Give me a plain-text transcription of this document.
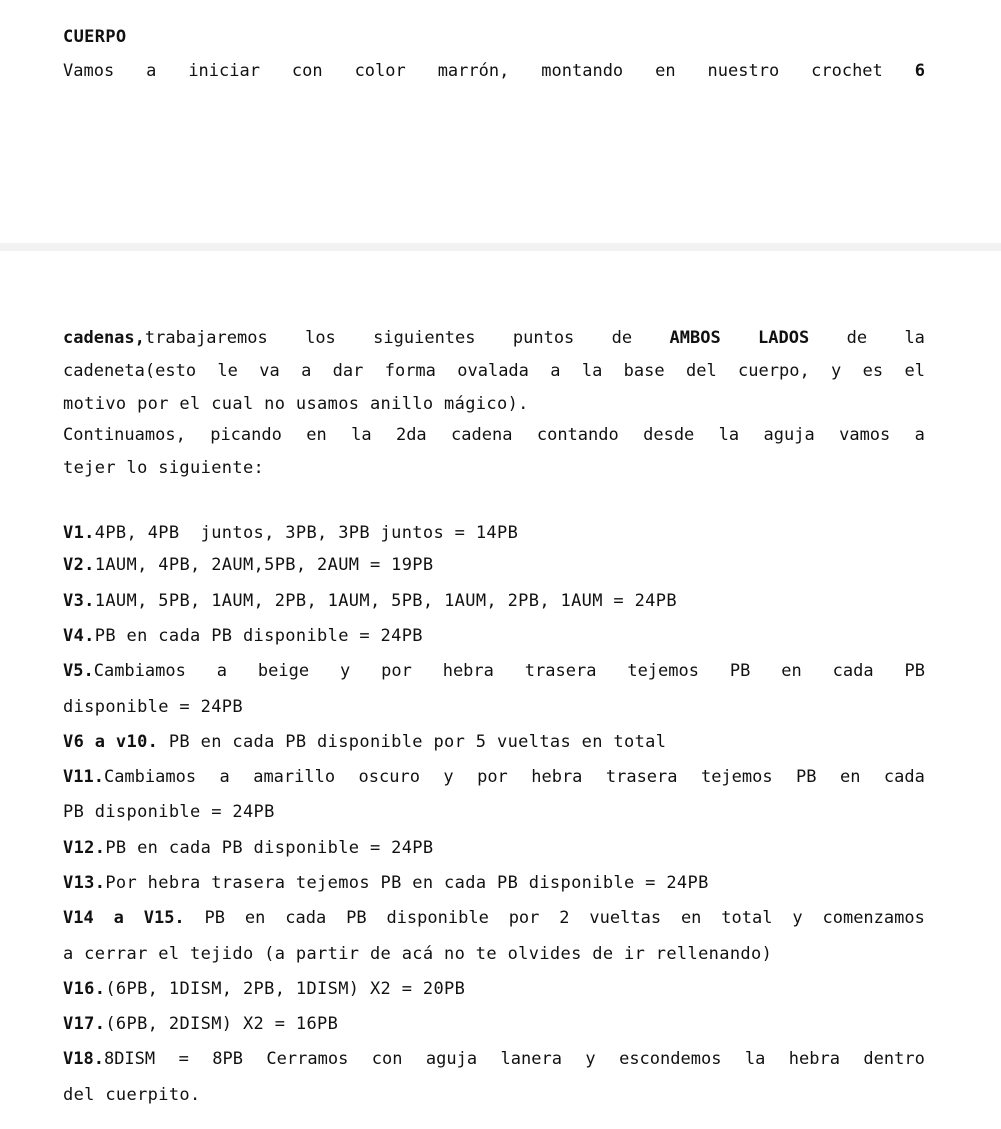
CUERPO
Vamos a iniciar con color marrón, montando en nuestro crochet 6
cadenas,trabajaremos los siguientes puntos de AMBOS LADOS de la
cadeneta(esto le va a dar forma ovalada a la base del cuerpo, y es el
motivo por el cual no usamos anillo mágico).
Continuamos, picando en la 2da cadena contando desde la aguja vamos a
tejer lo siguiente:
V1.4PB, 4PB  juntos, 3PB, 3PB juntos = 14PB
V2.1AUM, 4PB, 2AUM,5PB, 2AUM = 19PB
V3.1AUM, 5PB, 1AUM, 2PB, 1AUM, 5PB, 1AUM, 2PB, 1AUM = 24PB
V4.PB en cada PB disponible = 24PB
V5.Cambiamos a beige y por hebra trasera tejemos PB en cada PB
disponible = 24PB
V6 a v10. PB en cada PB disponible por 5 vueltas en total
V11.Cambiamos a amarillo oscuro y por hebra trasera tejemos PB en cada
PB disponible = 24PB
V12.PB en cada PB disponible = 24PB
V13.Por hebra trasera tejemos PB en cada PB disponible = 24PB
V14 a V15. PB en cada PB disponible por 2 vueltas en total y comenzamos
a cerrar el tejido (a partir de acá no te olvides de ir rellenando)
V16.(6PB, 1DISM, 2PB, 1DISM) X2 = 20PB
V17.(6PB, 2DISM) X2 = 16PB
V18.8DISM = 8PB Cerramos con aguja lanera y escondemos la hebra dentro
del cuerpito.
